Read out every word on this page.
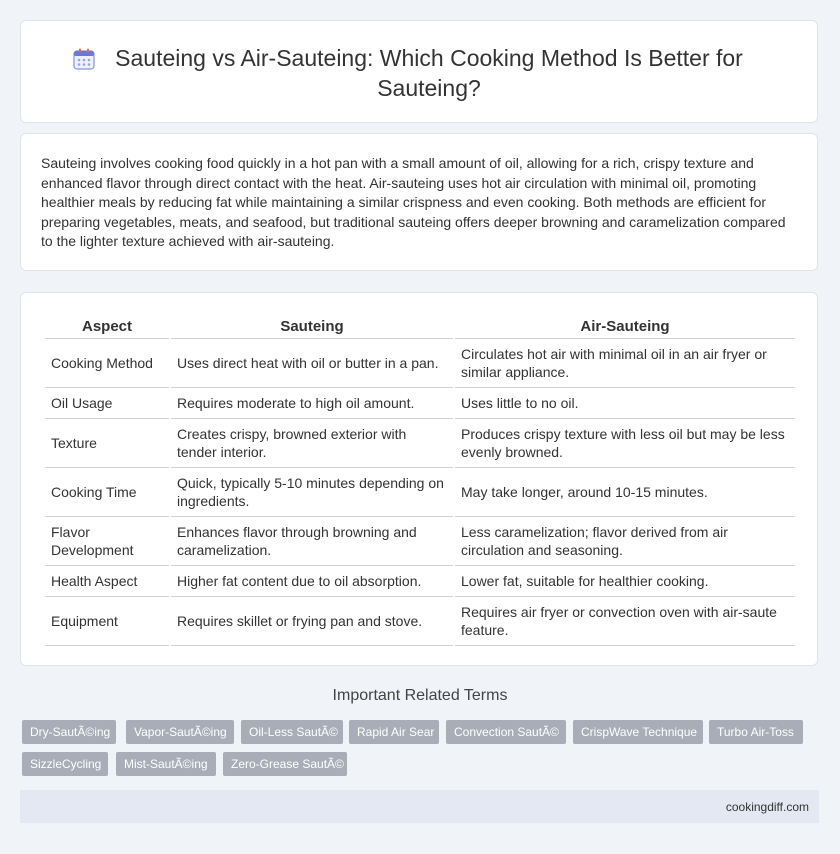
Sauteing vs Air-Sauteing: Which Cooking Method Is Better for Sauteing?

Sauteing involves cooking food quickly in a hot pan with a small amount of oil, allowing for a rich, crispy texture and enhanced flavor through direct contact with the heat. Air-sauteing uses hot air circulation with minimal oil, promoting healthier meals by reducing fat while maintaining a similar crispness and even cooking. Both methods are efficient for preparing vegetables, meats, and seafood, but traditional sauteing offers deeper browning and caramelization compared to the lighter texture achieved with air-sauteing.

Aspect	Sauteing	Air-Sauteing
Cooking Method	Uses direct heat with oil or butter in a pan.	Circulates hot air with minimal oil in an air fryer or similar appliance.
Oil Usage	Requires moderate to high oil amount.	Uses little to no oil.
Texture	Creates crispy, browned exterior with tender interior.	Produces crispy texture with less oil but may be less evenly browned.
Cooking Time	Quick, typically 5-10 minutes depending on ingredients.	May take longer, around 10-15 minutes.
Flavor Development	Enhances flavor through browning and caramelization.	Less caramelization; flavor derived from air circulation and seasoning.
Health Aspect	Higher fat content due to oil absorption.	Lower fat, suitable for healthier cooking.
Equipment	Requires skillet or frying pan and stove.	Requires air fryer or convection oven with air-saute feature.
Important Related Terms
Dry-SautÃ©ing	Vapor-SautÃ©ing	Oil-Less SautÃ©	Rapid Air Sear	Convection SautÃ©	CrispWave Technique	Turbo Air-Toss
SizzleCycling	Mist-SautÃ©ing	Zero-Grease SautÃ©
cookingdiff.com
